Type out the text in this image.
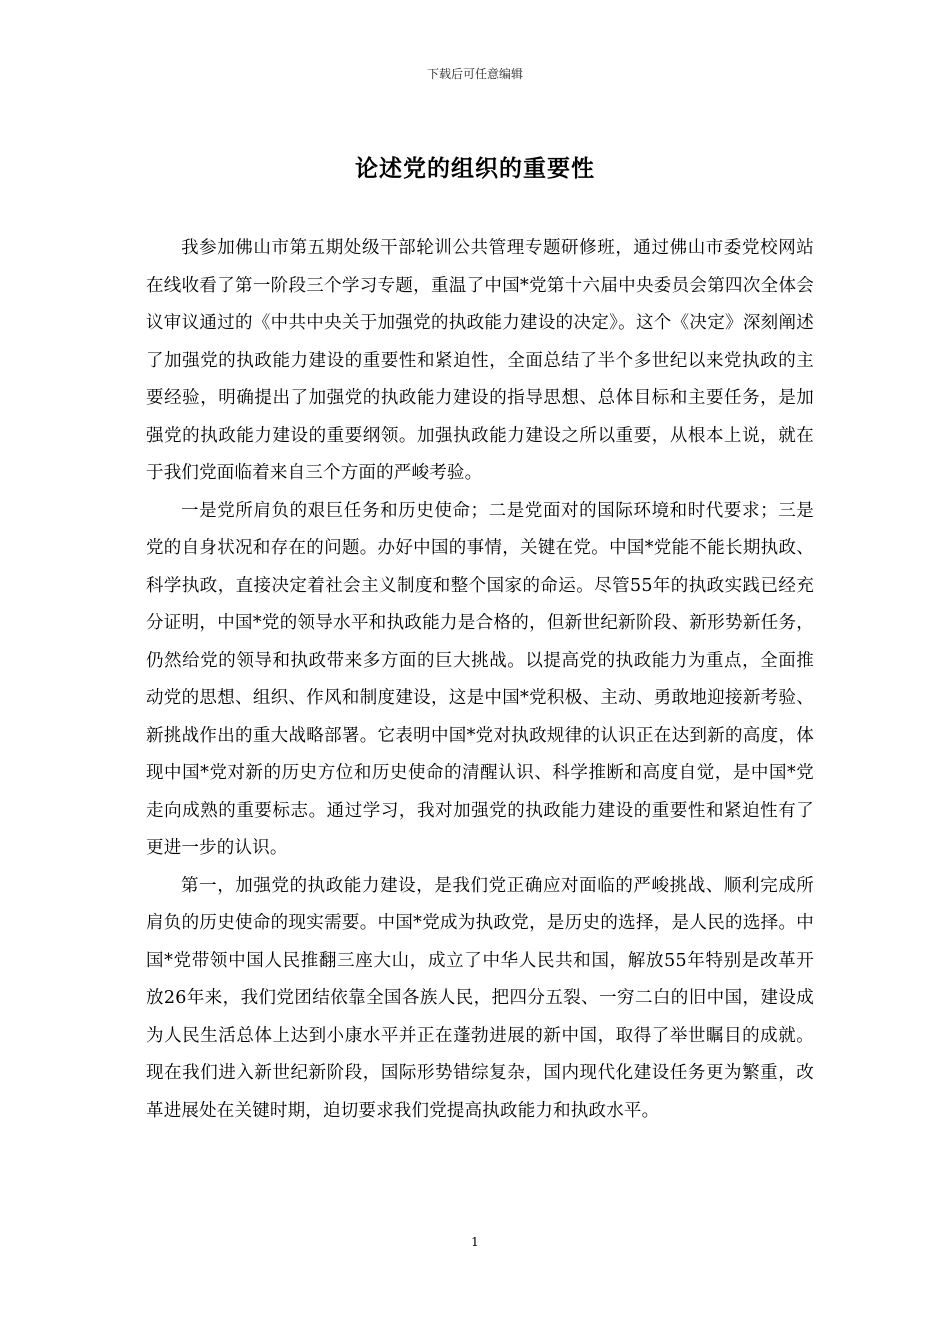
下载后可任意编辑
论述党的组织的重要性

我参加佛山市第五期处级干部轮训公共管理专题研修班，通过佛山市委党校网站在线收看了第一阶段三个学习专题，重温了中国*党第十六届中央委员会第四次全体会议审议通过的《中共中央关于加强党的执政能力建设的决定》。这个《决定》深刻阐述了加强党的执政能力建设的重要性和紧迫性，全面总结了半个多世纪以来党执政的主要经验，明确提出了加强党的执政能力建设的指导思想、总体目标和主要任务，是加强党的执政能力建设的重要纲领。加强执政能力建设之所以重要，从根本上说，就在于我们党面临着来自三个方面的严峻考验。

一是党所肩负的艰巨任务和历史使命；二是党面对的国际环境和时代要求；三是党的自身状况和存在的问题。办好中国的事情，关键在党。中国*党能不能长期执政、科学执政，直接决定着社会主义制度和整个国家的命运。尽管55年的执政实践已经充分证明，中国*党的领导水平和执政能力是合格的，但新世纪新阶段、新形势新任务，仍然给党的领导和执政带来多方面的巨大挑战。以提高党的执政能力为重点，全面推动党的思想、组织、作风和制度建设，这是中国*党积极、主动、勇敢地迎接新考验、新挑战作出的重大战略部署。它表明中国*党对执政规律的认识正在达到新的高度，体现中国*党对新的历史方位和历史使命的清醒认识、科学推断和高度自觉，是中国*党走向成熟的重要标志。通过学习，我对加强党的执政能力建设的重要性和紧迫性有了更进一步的认识。

第一，加强党的执政能力建设，是我们党正确应对面临的严峻挑战、顺利完成所肩负的历史使命的现实需要。中国*党成为执政党，是历史的选择，是人民的选择。中国*党带领中国人民推翻三座大山，成立了中华人民共和国，解放55年特别是改革开放26年来，我们党团结依靠全国各族人民，把四分五裂、一穷二白的旧中国，建设成为人民生活总体上达到小康水平并正在蓬勃进展的新中国，取得了举世瞩目的成就。现在我们进入新世纪新阶段，国际形势错综复杂，国内现代化建设任务更为繁重，改革进展处在关键时期，迫切要求我们党提高执政能力和执政水平。

1
